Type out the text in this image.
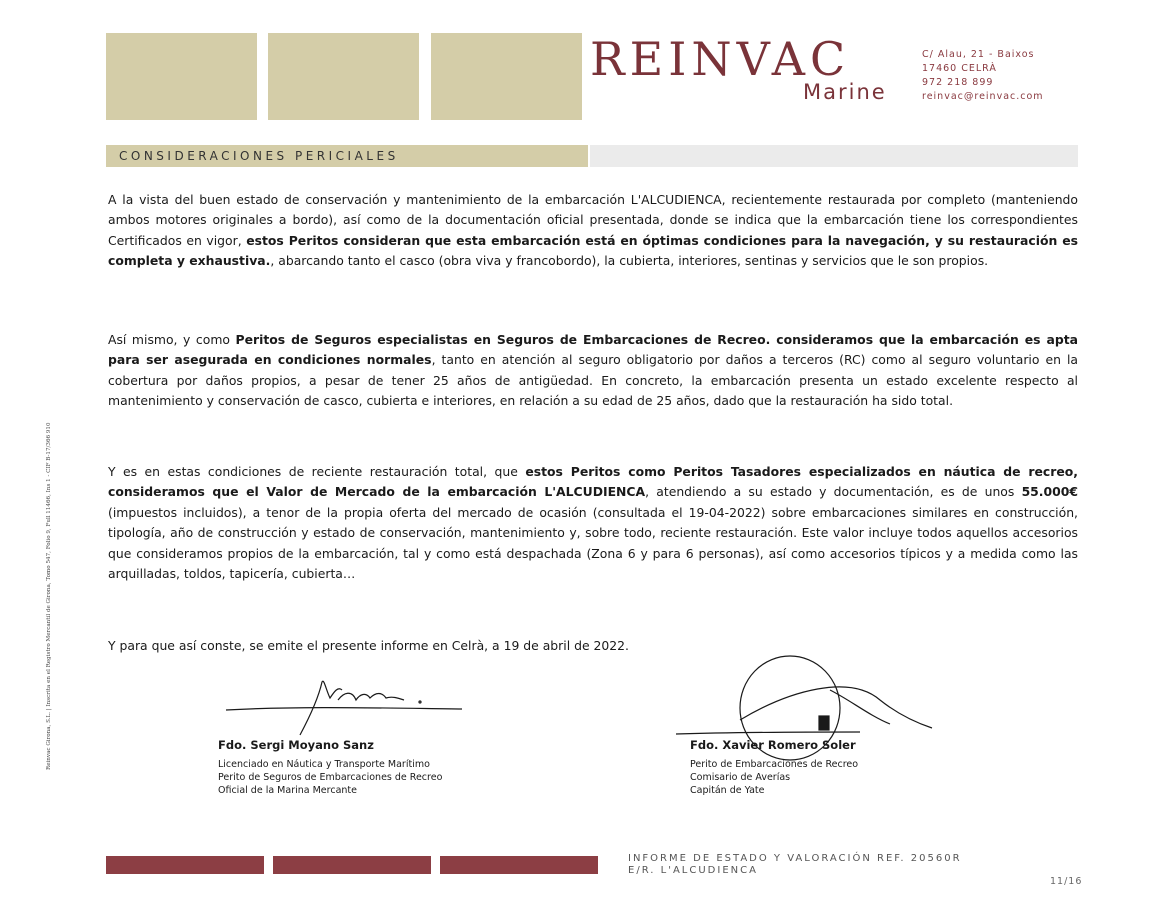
REINVAC
Marine
C/ Alau, 21 - Baixos
17460 CELRÀ
972 218 899
reinvac@reinvac.com
CONSIDERACIONES PERICIALES
A la vista del buen estado de conservación y mantenimiento de la embarcación L'ALCUDIENCA, recientemente restaurada por completo (manteniendo ambos motores originales a bordo), así como de la documentación oficial presentada, donde se indica que la embarcación tiene los correspondientes Certificados en vigor, estos Peritos consideran que esta embarcación está en óptimas condiciones para la navegación, y su restauración es completa y exhaustiva., abarcando tanto el casco (obra viva y francobordo), la cubierta, interiores, sentinas y servicios que le son propios.
Así mismo, y como Peritos de Seguros especialistas en Seguros de Embarcaciones de Recreo. consideramos que la embarcación es apta para ser asegurada en condiciones normales, tanto en atención al seguro obligatorio por daños a terceros (RC) como al seguro voluntario en la cobertura por daños propios, a pesar de tener 25 años de antigüedad. En concreto, la embarcación presenta un estado excelente respecto al mantenimiento y conservación de casco, cubierta e interiores, en relación a su edad de 25 años, dado que la restauración ha sido total.
Y es en estas condiciones de reciente restauración total, que estos Peritos como Peritos Tasadores especializados en náutica de recreo, consideramos que el Valor de Mercado de la embarcación L'ALCUDIENCA, atendiendo a su estado y documentación, es de unos 55.000€ (impuestos incluidos), a tenor de la propia oferta del mercado de ocasión (consultada el 19-04-2022) sobre embarcaciones similares en construcción, tipología, año de construcción y estado de conservación, mantenimiento y, sobre todo, reciente restauración. Este valor incluye todos aquellos accesorios que consideramos propios de la embarcación, tal y como está despachada (Zona 6 y para 6 personas), así como accesorios típicos y a medida como las arquilladas, toldos, tapicería, cubierta…
Y para que así conste, se emite el presente informe en Celrà, a 19 de abril de 2022.
Reinvac Girona, S.L. | Inscrita en el Registro Mercantil de Girona, Tomo 547, Folio 9, Full 11466, Ins 1 - CIF B-17/366 910	Fdo. Sergi Moyano Sanz
Licenciado en Náutica y Transporte Marítimo
Perito de Seguros de Embarcaciones de Recreo
Oficial de la Marina Mercante
Fdo. Xavier Romero Soler
Perito de Embarcaciones de Recreo
Comisario de Averías
Capitán de Yate
INFORME DE ESTADO Y VALORACIÓN REF. 20560R
E/R. L'ALCUDIENCA
11/16
